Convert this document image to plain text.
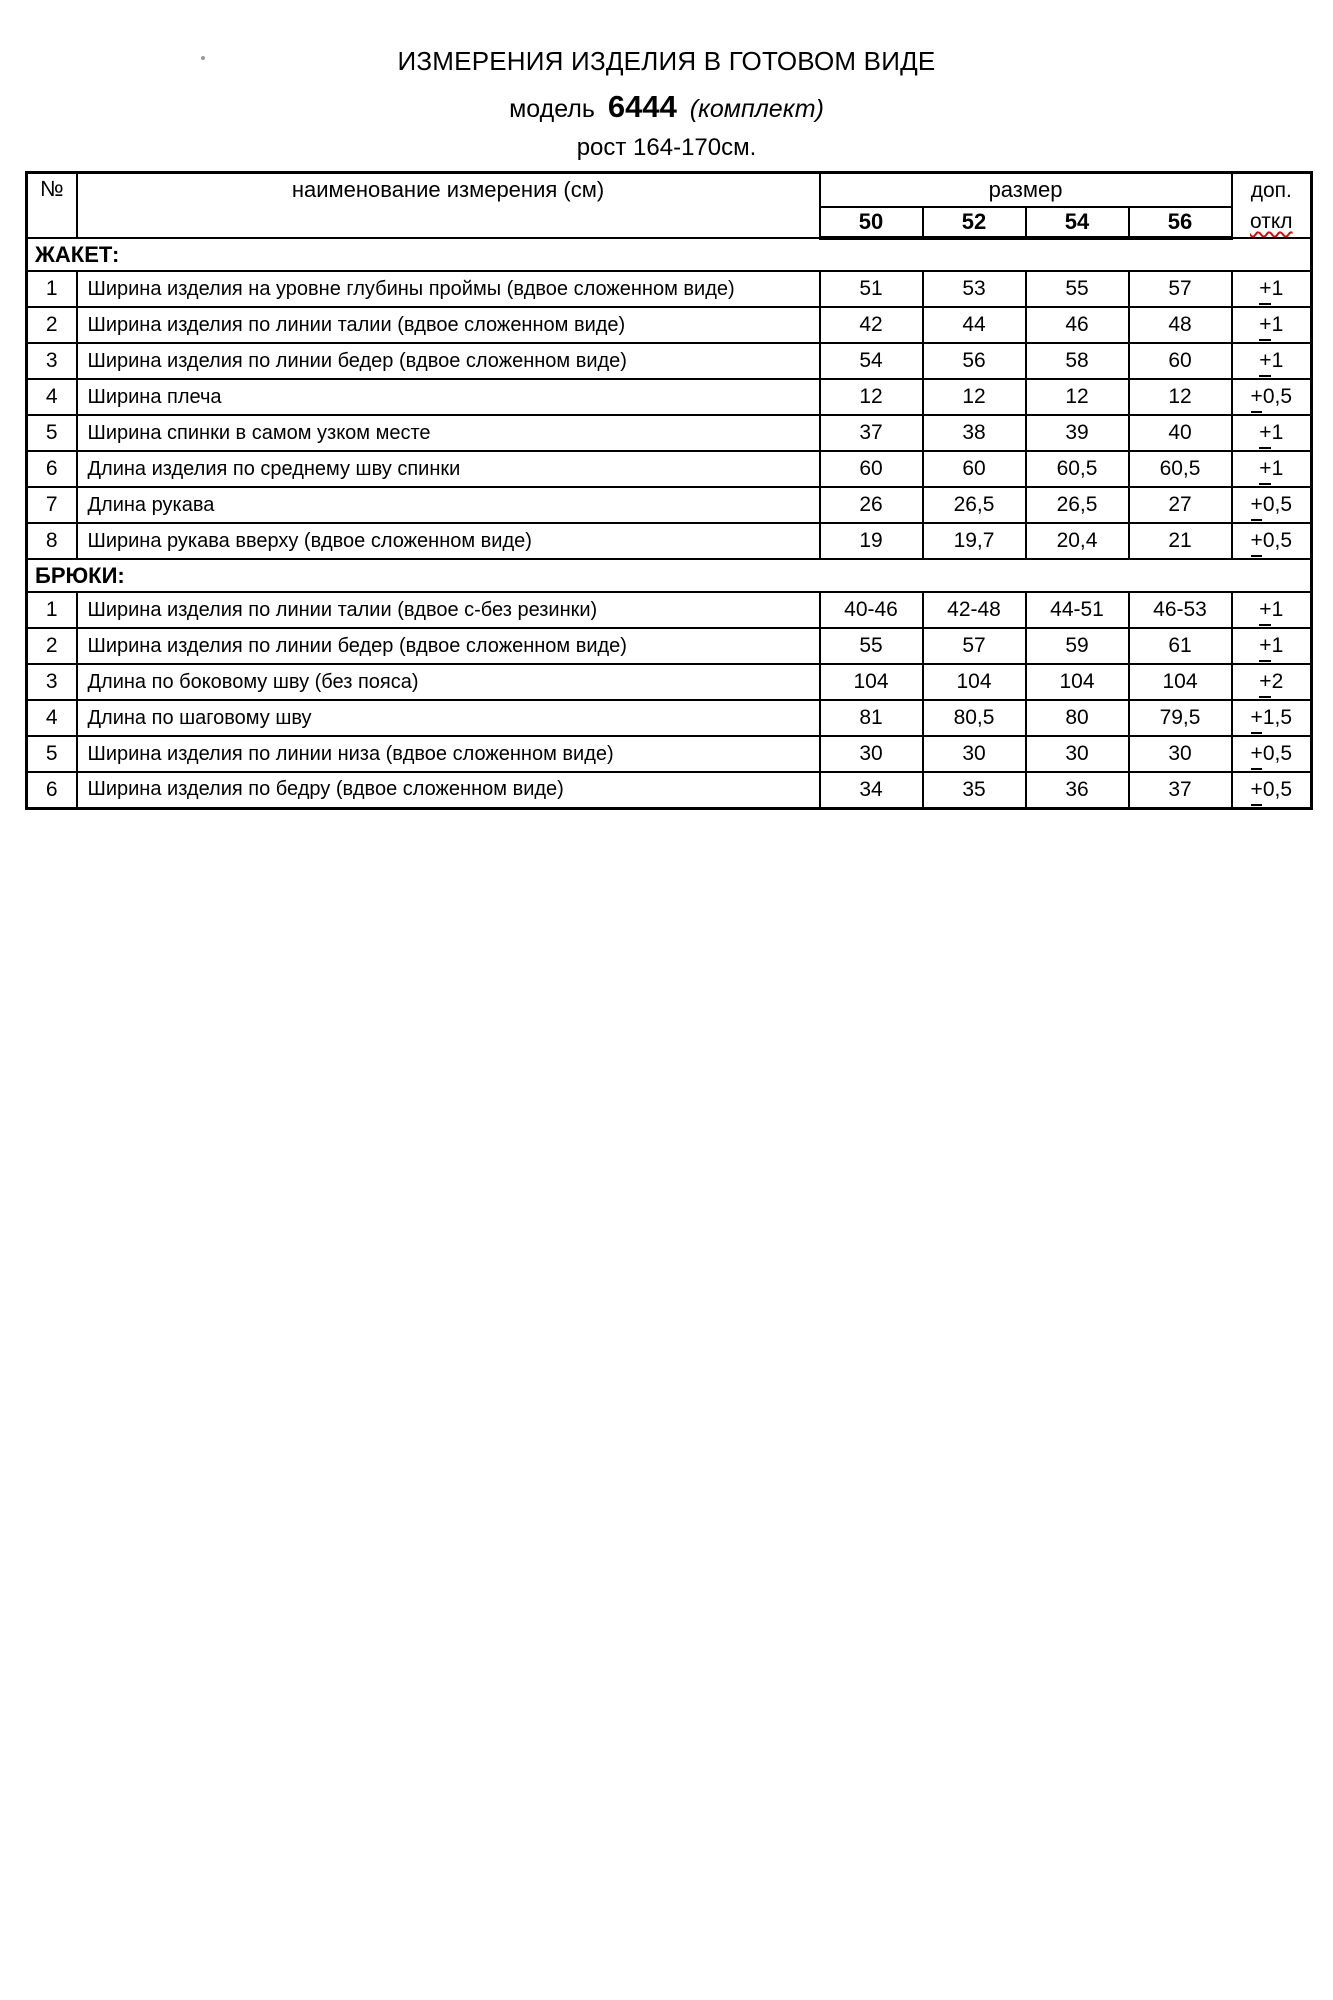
ИЗМЕРЕНИЯ ИЗДЕЛИЯ В ГОТОВОМ ВИДЕ
модель 6444 (комплект)
рост 164-170см.
№	наименование измерения (см)	размер				доп.
откл

		50	52	54	56	
ЖАКЕТ:						
1	Ширина изделия на уровне глубины проймы (вдвое сложенном виде)	51	53	55	57	+1
2	Ширина изделия по линии талии (вдвое сложенном виде)	42	44	46	48	+1
3	Ширина изделия по линии бедер (вдвое сложенном виде)	54	56	58	60	+1
4	Ширина плеча	12	12	12	12	+0,5
5	Ширина спинки в самом узком месте	37	38	39	40	+1
6	Длина изделия по среднему шву спинки	60	60	60,5	60,5	+1
7	Длина рукава	26	26,5	26,5	27	+0,5
8	Ширина рукава вверху (вдвое сложенном виде)	19	19,7	20,4	21	+0,5
БРЮКИ:						
1	Ширина изделия по линии талии (вдвое с-без резинки)	40-46	42-48	44-51	46-53	+1
2	Ширина изделия по линии бедер (вдвое сложенном виде)	55	57	59	61	+1
3	Длина по боковому шву (без пояса)	104	104	104	104	+2
4	Длина по шаговому шву	81	80,5	80	79,5	+1,5
5	Ширина изделия по линии низа (вдвое сложенном виде)	30	30	30	30	+0,5
6	Ширина изделия по бедру (вдвое сложенном виде)	34	35	36	37	+0,5
